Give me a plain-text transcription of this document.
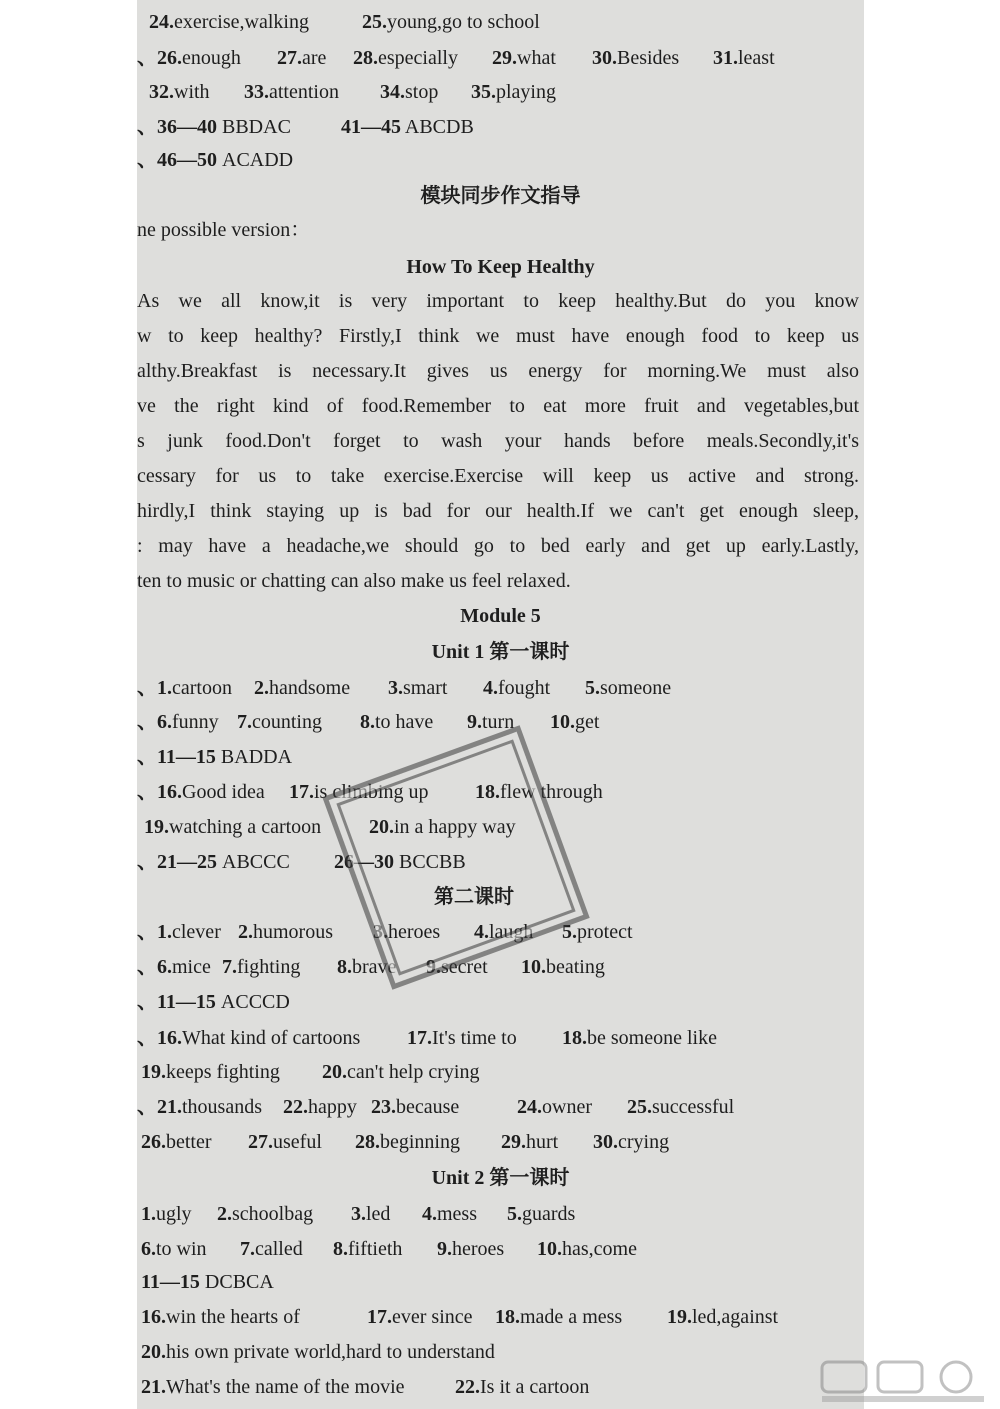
24.exercise,walking	25.young,go to school
、26.enough 27.are 28.especially 29.what 30.Besides 31.least
32.with 33.attention 34.stop 35.playing
、36—40 BBDAC	41—45 ABCDB
、46—50 ACADD
模块同步作文指导
ne possible version：
How To Keep Healthy
As we all know,it is very important to keep healthy.But do you know
w to keep healthy? Firstly,I think we must have enough food to keep us
althy.Breakfast is necessary.It gives us energy for morning.We must also
ve the right kind of food.Remember to eat more fruit and vegetables,but
s junk food.Don't forget to wash your hands before meals.Secondly,it's
cessary for us to take exercise.Exercise will keep us active and strong.
hirdly,I think staying up is bad for our health.If we can't get enough sleep,
: may have a headache,we should go to bed early and get up early.Lastly,
ten to music or chatting can also make us feel relaxed.
Module 5
Unit 1 第一课时
、1.cartoon 2.handsome 3.smart 4.fought 5.someone
、6.funny 7.counting 8.to have 9.turn 10.get
、11—15 BADDA
、16.Good idea 17.is climbing up 18.flew through
19.watching a cartoon 20.in a happy way
、21—25 ABCCC 26—30 BCCBB
第二课时
、1.clever 2.humorous 3.heroes 4.laugh 5.protect
、6.mice 7.fighting 8.brave 9.secret 10.beating
、11—15 ACCCD
、16.What kind of cartoons 17.It's time to 18.be someone like
19.keeps fighting 20.can't help crying
、21.thousands 22.happy 23.because	24.owner 25.successful
26.better 27.useful 28.beginning 29.hurt 30.crying
Unit 2 第一课时
1.ugly 2.schoolbag 3.led 4.mess 5.guards
6.to win 7.called 8.fiftieth 9.heroes 10.has,come
11—15 DCBCA
16.win the hearts of	17.ever since 18.made a mess 19.led,against
20.his own private world,hard to understand
21.What's the name of the movie	22.Is it a cartoon
